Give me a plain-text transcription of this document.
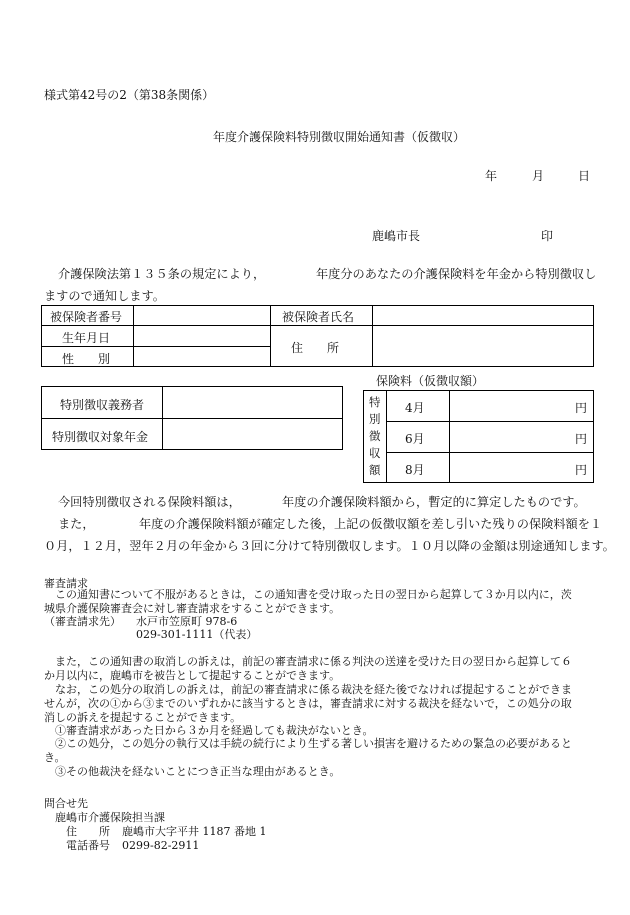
様式第42号の2（第38条関係）
年度介護保険料特別徴収開始通知書（仮徴収）
年	月	日
鹿嶋市長	印
介護保険法第１３５条の規定により，	年度分のあなたの介護保険料を年金から特別徴収し
ますので通知します。
被保険者番号	被保険者氏名
生年月日
性　　別
住　　所
特別徴収義務者
特別徴収対象年金
保険料（仮徴収額）
特
別
徴
収
額
4月	円
6月	円
8月	円
今回特別徴収される保険料額は，	年度の介護保険料額から，暫定的に算定したものです。
また，	年度の介護保険料額が確定した後，上記の仮徴収額を差し引いた残りの保険料額を１
０月，１２月，翌年２月の年金から３回に分けて特別徴収します。１０月以降の金額は別途通知します。
審査請求
この通知書について不服があるときは，この通知書を受け取った日の翌日から起算して３か月以内に，茨
城県介護保険審査会に対し審査請求をすることができます。
（審査請求先） 水戸市笠原町 978-6
029-301-1111（代表）
また，この通知書の取消しの訴えは，前記の審査請求に係る判決の送達を受けた日の翌日から起算して６
か月以内に，鹿嶋市を被告として提起することができます。
なお，この処分の取消しの訴えは，前記の審査請求に係る裁決を経た後でなければ提起することができま
せんが，次の①から③までのいずれかに該当するときは，審査請求に対する裁決を経ないで，この処分の取
消しの訴えを提起することができます。
①審査請求があった日から３か月を経過しても裁決がないとき。
②この処分，この処分の執行又は手続の続行により生ずる著しい損害を避けるための緊急の必要があると
き。
③その他裁決を経ないことにつき正当な理由があるとき。
問合せ先
鹿嶋市介護保険担当課
住　　所 鹿嶋市大字平井 1187 番地 1
電話番号 0299-82-2911
